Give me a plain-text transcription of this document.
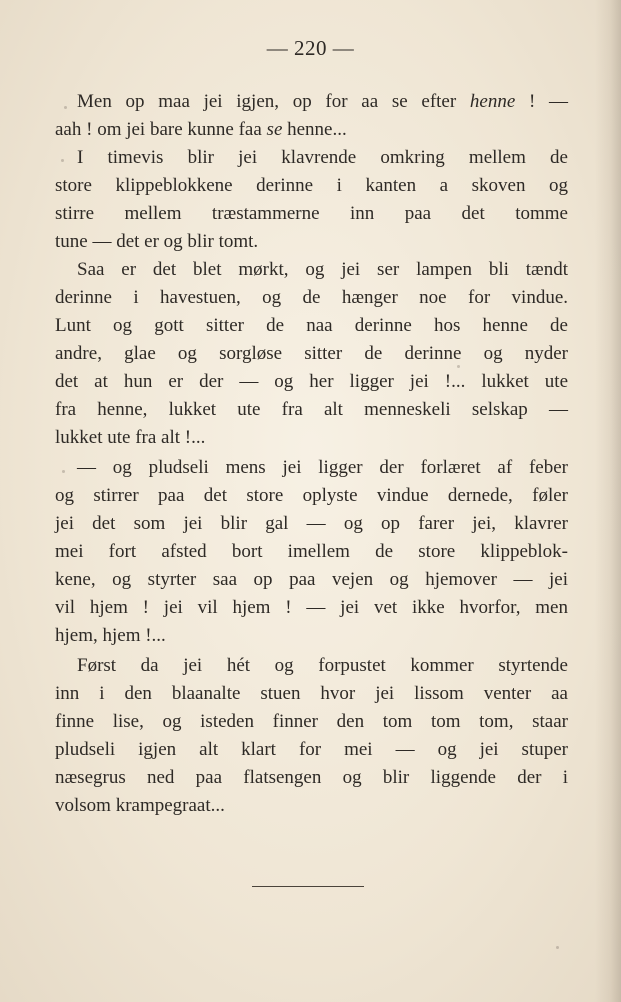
— 220 —
Men op maa jei igjen, op for aa se efter henne ! —
aah ! om jei bare kunne faa se henne...
I timevis blir jei klavrende omkring mellem de
store klippeblokkene derinne i kanten a skoven og
stirre mellem træstammerne inn paa det tomme
tune — det er og blir tomt.
Saa er det blet mørkt, og jei ser lampen bli tændt
derinne i havestuen, og de hænger noe for vindue.
Lunt og gott sitter de naa derinne hos henne de
andre, glae og sorgløse sitter de derinne og nyder
det at hun er der — og her ligger jei !... lukket ute
fra henne, lukket ute fra alt menneskeli selskap —
lukket ute fra alt !...
— og pludseli mens jei ligger der forlæret af feber
og stirrer paa det store oplyste vindue dernede, føler
jei det som jei blir gal — og op farer jei, klavrer
mei fort afsted bort imellem de store klippeblok-
kene, og styrter saa op paa vejen og hjemover — jei
vil hjem ! jei vil hjem ! — jei vet ikke hvorfor, men
hjem, hjem !...
Først da jei hét og forpustet kommer styrtende
inn i den blaanalte stuen hvor jei lissom venter aa
finne lise, og isteden finner den tom tom tom, staar
pludseli igjen alt klart for mei — og jei stuper
næsegrus ned paa flatsengen og blir liggende der i
volsom krampegraat...
